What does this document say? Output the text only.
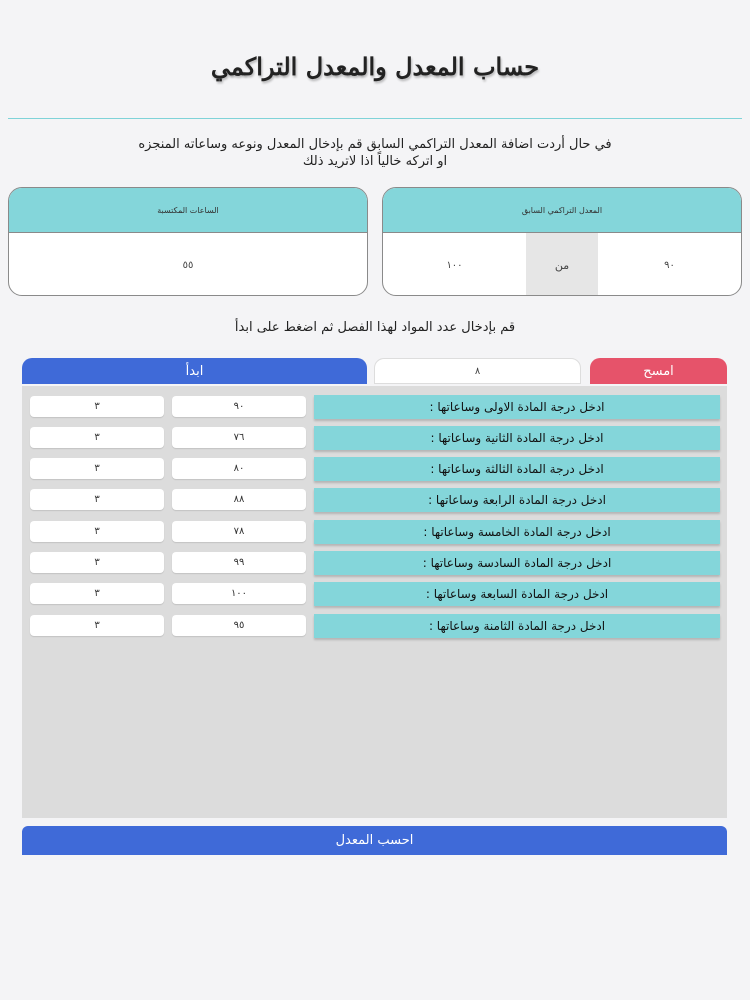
حساب المعدل والمعدل التراكمي
في حال أردت اضافة المعدل التراكمي السابق قم بإدخال المعدل ونوعه وساعاته المنجزه
او اتركه خالياً اذا لاتريد ذلك
الساعات المكتسبة
٥٥
المعدل التراكمي السابق
١٠٠	من	٩٠
قم بإدخال عدد المواد لهذا الفصل ثم اضغط على ابدأ
ابدأ	٨	امسح
٣	٩٠	ادخل درجة المادة الاولى وساعاتها :
٣	٧٦	ادخل درجة المادة الثانية وساعاتها :
٣	٨٠	ادخل درجة المادة الثالثة وساعاتها :
٣	٨٨	ادخل درجة المادة الرابعة وساعاتها :
٣	٧٨	ادخل درجة المادة الخامسة وساعاتها :
٣	٩٩	ادخل درجة المادة السادسة وساعاتها :
٣	١٠٠	ادخل درجة المادة السابعة وساعاتها :
٣	٩٥	ادخل درجة المادة الثامنة وساعاتها :
احسب المعدل
